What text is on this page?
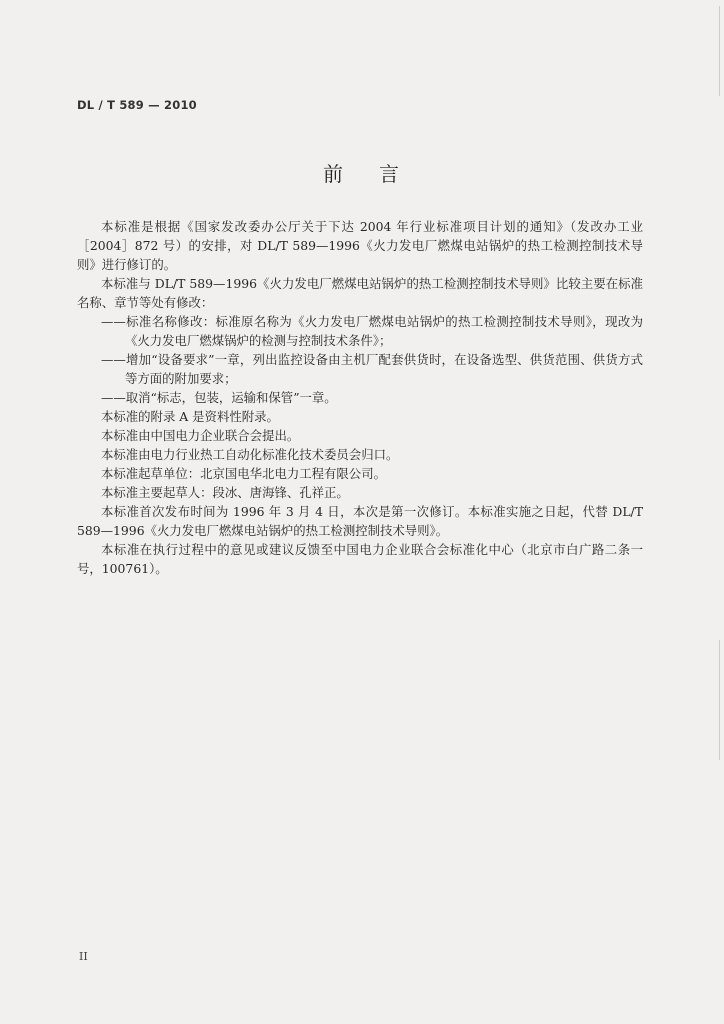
DL / T 589 — 2010
前 言

本标准是根据《国家发改委办公厅关于下达 2004 年行业标准项目计划的通知》（发改办工业［2004］872 号）的安排，对 DL/T 589—1996《火力发电厂燃煤电站锅炉的热工检测控制技术导则》进行修订的。

本标准与 DL/T 589—1996《火力发电厂燃煤电站锅炉的热工检测控制技术导则》比较主要在标准名称、章节等处有修改：

——标准名称修改：标准原名称为《火力发电厂燃煤电站锅炉的热工检测控制技术导则》，现改为《火力发电厂燃煤锅炉的检测与控制技术条件》；

——增加“设备要求”一章，列出监控设备由主机厂配套供货时，在设备选型、供货范围、供货方式等方面的附加要求；

——取消“标志，包装，运输和保管”一章。

本标准的附录 A 是资料性附录。

本标准由中国电力企业联合会提出。

本标准由电力行业热工自动化标准化技术委员会归口。

本标准起草单位：北京国电华北电力工程有限公司。

本标准主要起草人：段冰、唐海锋、孔祥正。

本标准首次发布时间为 1996 年 3 月 4 日，本次是第一次修订。本标准实施之日起，代替 DL/T 589—1996《火力发电厂燃煤电站锅炉的热工检测控制技术导则》。

本标准在执行过程中的意见或建议反馈至中国电力企业联合会标准化中心（北京市白广路二条一号，100761）。

II
